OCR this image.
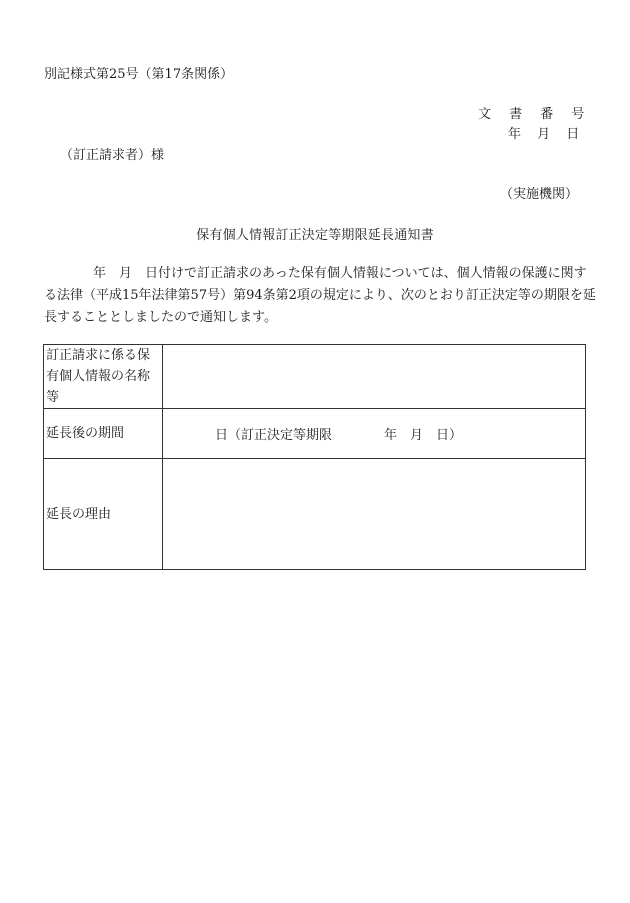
別記様式第25号（第17条関係）
文 書 番 号
年 月 日
（訂正請求者）様
（実施機関）
保有個人情報訂正決定等期限延長通知書
年　月　日付けで訂正請求のあった保有個人情報については、個人情報の保護に関す
る法律（平成15年法律第57号）第94条第2項の規定により、次のとおり訂正決定等の期限を延
長することとしましたので通知します。
訂正請求に係る保
有個人情報の名称等	
延長後の期間	日（訂正決定等期限　　　　年　月　日）
延長の理由	
